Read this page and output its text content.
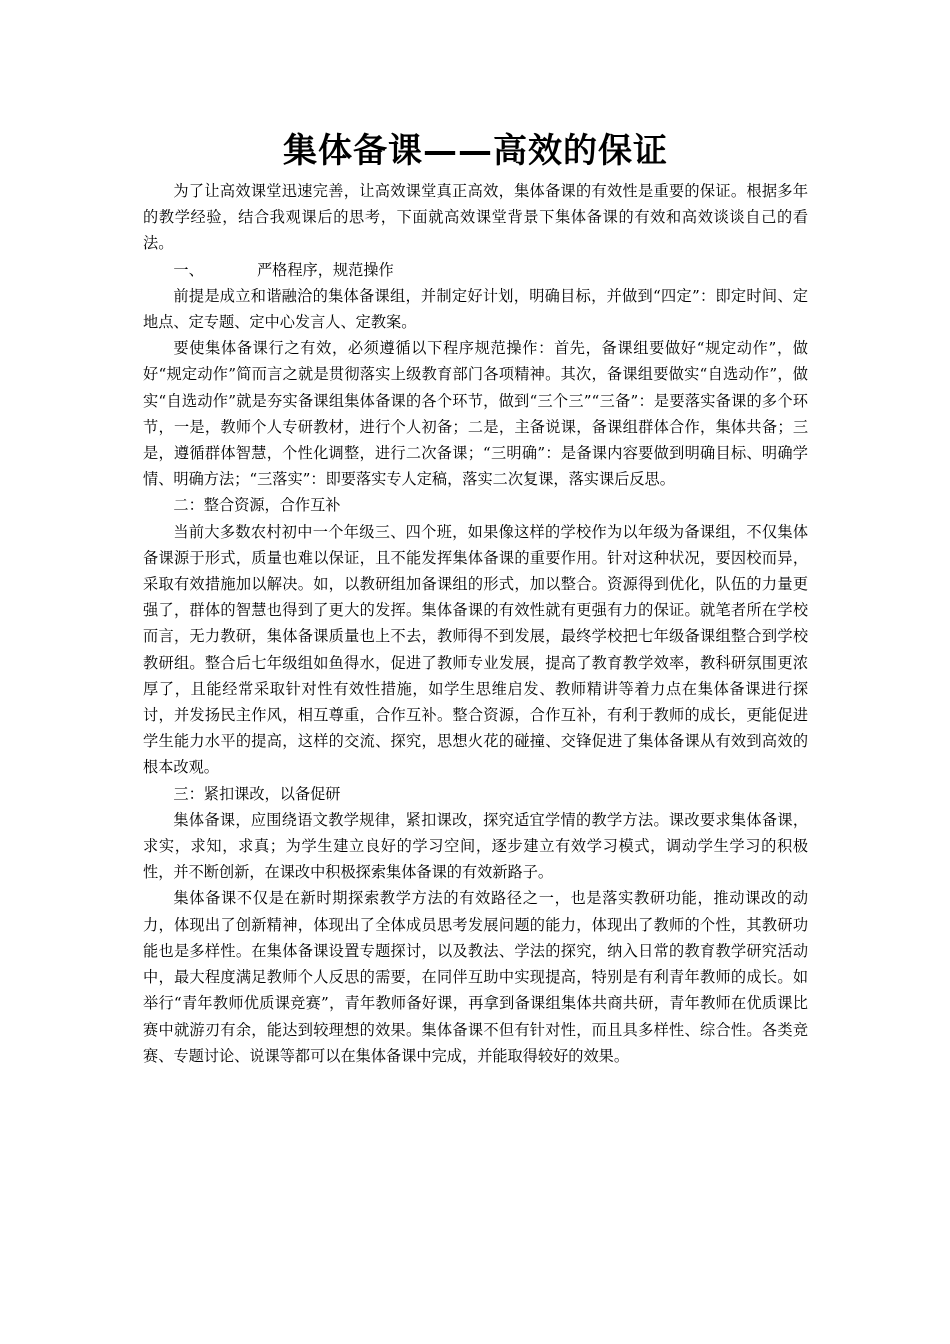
集体备课——高效的保证

为了让高效课堂迅速完善，让高效课堂真正高效，集体备课的有效性是重要的保证。根据多年的教学经验，结合我观课后的思考，下面就高效课堂背景下集体备课的有效和高效谈谈自己的看法。

一、	严格程序，规范操作

前提是成立和谐融洽的集体备课组，并制定好计划，明确目标，并做到“四定”：即定时间、定地点、定专题、定中心发言人、定教案。

要使集体备课行之有效，必须遵循以下程序规范操作：首先，备课组要做好“规定动作”，做好“规定动作”简而言之就是贯彻落实上级教育部门各项精神。其次，备课组要做实“自选动作”，做实“自选动作”就是夯实备课组集体备课的各个环节，做到“三个三”“三备”：是要落实备课的多个环节，一是，教师个人专研教材，进行个人初备；二是，主备说课，备课组群体合作，集体共备；三是，遵循群体智慧，个性化调整，进行二次备课；“三明确”：是备课内容要做到明确目标、明确学情、明确方法；“三落实”：即要落实专人定稿，落实二次复课，落实课后反思。

二：整合资源，合作互补

当前大多数农村初中一个年级三、四个班，如果像这样的学校作为以年级为备课组，不仅集体备课源于形式，质量也难以保证，且不能发挥集体备课的重要作用。针对这种状况，要因校而异，采取有效措施加以解决。如，以教研组加备课组的形式，加以整合。资源得到优化，队伍的力量更强了，群体的智慧也得到了更大的发挥。集体备课的有效性就有更强有力的保证。就笔者所在学校而言，无力教研，集体备课质量也上不去，教师得不到发展，最终学校把七年级备课组整合到学校教研组。整合后七年级组如鱼得水，促进了教师专业发展，提高了教育教学效率，教科研氛围更浓厚了，且能经常采取针对性有效性措施，如学生思维启发、教师精讲等着力点在集体备课进行探讨，并发扬民主作风，相互尊重，合作互补。整合资源，合作互补，有利于教师的成长，更能促进学生能力水平的提高，这样的交流、探究，思想火花的碰撞、交锋促进了集体备课从有效到高效的根本改观。

三：紧扣课改，以备促研

集体备课，应围绕语文教学规律，紧扣课改，探究适宜学情的教学方法。课改要求集体备课，求实，求知，求真；为学生建立良好的学习空间，逐步建立有效学习模式，调动学生学习的积极性，并不断创新，在课改中积极探索集体备课的有效新路子。

集体备课不仅是在新时期探索教学方法的有效路径之一，也是落实教研功能，推动课改的动力，体现出了创新精神，体现出了全体成员思考发展问题的能力，体现出了教师的个性，其教研功能也是多样性。在集体备课设置专题探讨，以及教法、学法的探究，纳入日常的教育教学研究活动中，最大程度满足教师个人反思的需要，在同伴互助中实现提高，特别是有利青年教师的成长。如举行“青年教师优质课竞赛”，青年教师备好课，再拿到备课组集体共商共研，青年教师在优质课比赛中就游刃有余，能达到较理想的效果。集体备课不但有针对性，而且具多样性、综合性。各类竞赛、专题讨论、说课等都可以在集体备课中完成，并能取得较好的效果。
